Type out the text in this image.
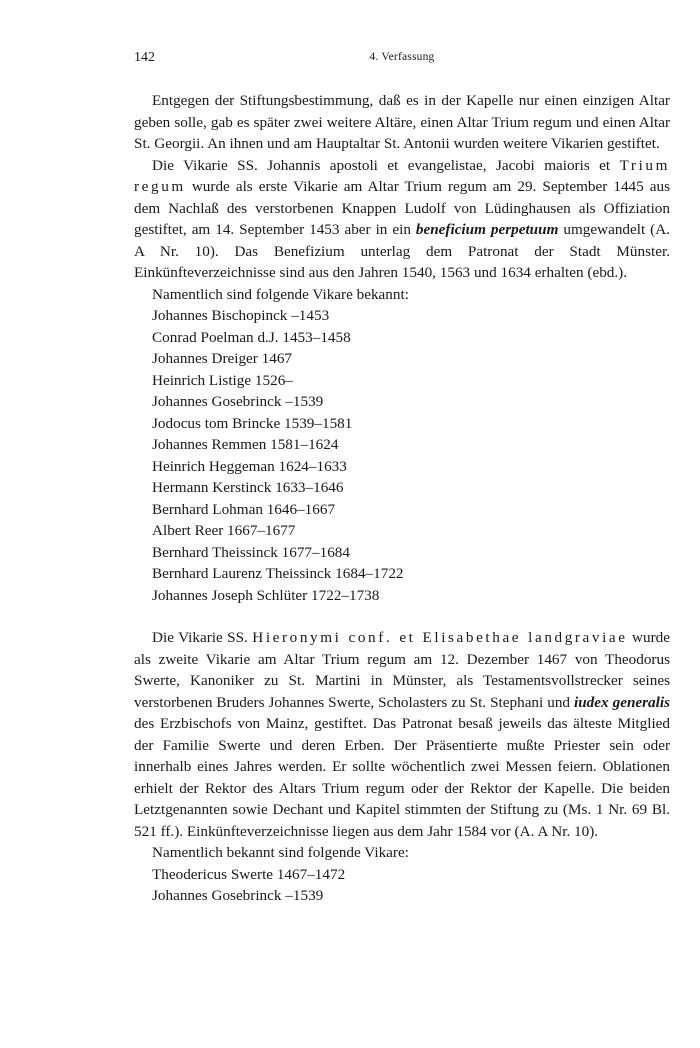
142	4. Verfassung

Entgegen der Stiftungsbestimmung, daß es in der Kapelle nur einen einzigen Altar geben solle, gab es später zwei weitere Altäre, einen Altar Trium regum und einen Altar St. Georgii. An ihnen und am Hauptaltar St. Antonii wurden weitere Vikarien gestiftet.

Die Vikarie SS. Johannis apostoli et evangelistae, Jacobi maioris et Trium regum wurde als erste Vikarie am Altar Trium regum am 29. September 1445 aus dem Nachlaß des verstorbenen Knappen Ludolf von Lüdinghausen als Offiziation gestiftet, am 14. September 1453 aber in ein beneficium perpetuum umgewandelt (A. A Nr. 10). Das Benefizium unterlag dem Patronat der Stadt Münster. Einkünfteverzeichnisse sind aus den Jahren 1540, 1563 und 1634 erhalten (ebd.).

Namentlich sind folgende Vikare bekannt:

Johannes Bischopinck –1453
Conrad Poelman d.J. 1453–1458
Johannes Dreiger 1467
Heinrich Listige 1526–
Johannes Gosebrinck –1539
Jodocus tom Brincke 1539–1581
Johannes Remmen 1581–1624
Heinrich Heggeman 1624–1633
Hermann Kerstinck 1633–1646
Bernhard Lohman 1646–1667
Albert Reer 1667–1677
Bernhard Theissinck 1677–1684
Bernhard Laurenz Theissinck 1684–1722
Johannes Joseph Schlüter 1722–1738

Die Vikarie SS. Hieronymi conf. et Elisabethae landgraviae wurde als zweite Vikarie am Altar Trium regum am 12. Dezember 1467 von Theodorus Swerte, Kanoniker zu St. Martini in Münster, als Testamentsvollstrecker seines verstorbenen Bruders Johannes Swerte, Scholasters zu St. Stephani und iudex generalis des Erzbischofs von Mainz, gestiftet. Das Patronat besaß jeweils das älteste Mitglied der Familie Swerte und deren Erben. Der Präsentierte mußte Priester sein oder innerhalb eines Jahres werden. Er sollte wöchentlich zwei Messen feiern. Oblationen erhielt der Rektor des Altars Trium regum oder der Rektor der Kapelle. Die beiden Letztgenannten sowie Dechant und Kapitel stimmten der Stiftung zu (Ms. 1 Nr. 69 Bl. 521 ff.). Einkünfteverzeichnisse liegen aus dem Jahr 1584 vor (A. A Nr. 10).

Namentlich bekannt sind folgende Vikare:

Theodericus Swerte 1467–1472
Johannes Gosebrinck –1539
